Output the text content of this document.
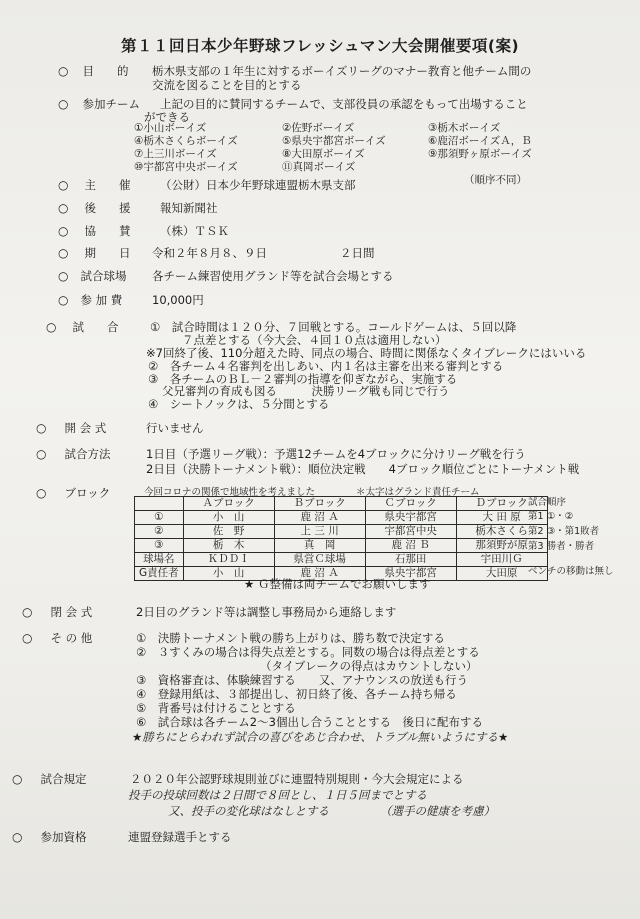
第１１回日本少年野球フレッシュマン大会開催要項(案)
○ 目　　的 栃木県支部の１年生に対するボーイズリーグのマナー教育と他チーム間の
交流を図ることを目的とする
○ 参加チーム 上記の目的に賛同するチームで、支部役員の承認をもって出場すること
ができる
①小山ボーイズ	②佐野ボーイズ	③栃木ボーイズ
④栃木さくらボーイズ	⑤県央宇都宮ボーイズ	⑥鹿沼ボーイズＡ，Ｂ
⑦上三川ボーイズ	⑧大田原ボーイズ	⑨那須野ヶ原ボーイズ
⑩宇都宮中央ボーイズ	⑪真岡ボーイズ
（順序不同）
○ 主　　催	（公財）日本少年野球連盟栃木県支部
○ 後　　援	報知新聞社
○ 協　　賛	（株）ＴＳＫ
○ 期　　日 令和２年８月８、９日	２日間
○ 試合球場 各チーム練習使用グランド等を試合会場とする
○ 参 加 費	10,000円
○ 試　　合	①　試合時間は１２０分、７回戦とする。コールドゲームは、５回以降
７点差とする（今大会、４回１０点は適用しない）
※7回終了後、110分超えた時、同点の場合、時間に関係なくタイブレークにはいいる
②　各チーム４名審判を出しあい、内１名は主審を出来る審判とする
③　各チームのＢＬ－２審判の指導を仰ぎながら、実施する
父兄審判の育成も図る　　　決勝リーグ戦も同じで行う
④　シートノックは、５分間とする
○ 開 会 式	行いません
○ 試合方法	1日目（予選リーグ戦）：予選12チームを4ブロックに分けリーグ戦を行う
2日目（決勝トーナメント戦）：順位決定戦　　4ブロック順位ごとにトーナメント戦
○ ブロック	今回コロナの関係で地域性を考えました	＊太字はグランド責任チーム
	Ａブロック	Ｂブロック	Ｃブロック	Ｄブロック
①	小　山	鹿 沼 Ａ	県央宇都宮	大 田 原
②	佐　野	上 三 川	宇都宮中央	栃木さくら
③	栃　木	真　岡	鹿 沼 Ｂ	那須野が原
球場名	ＫＤＤＩ	県営Ｃ球場	石那田	宇田川Ｇ
G責任者	小　山	鹿 沼 Ａ	県央宇都宮	大田原
試合順序
第1 ①・②
第2 ③・第1敗者
第3 勝者・勝者
ベンチの移動は無し
★ Ｇ整備は両チームでお願いします
○ 閉 会 式	2日目のグランド等は調整し事務局から連絡します
○ そ の 他	①　決勝トーナメント戦の勝ち上がりは、勝ち数で決定する
②　３すくみの場合は得失点差とする。同数の場合は得点差とする
（タイブレークの得点はカウントしない）
③　資格審査は、体験練習する　　又、アナウンスの放送も行う
④　登録用紙は、３部提出し、初日終了後、各チーム持ち帰る
⑤　背番号は付けることとする
⑥　試合球は各チーム2～3個出し合うこととする　後日に配布する
★勝ちにとらわれず試合の喜びをあじ合わせ、トラブル無いようにする★
○ 試合規定	２０２０年公認野球規則並びに連盟特別規則・今大会規定による
投手の投球回数は２日間で８回とし、１日５回までとする
又、投手の変化球はなしとする	（選手の健康を考慮）
○ 参加資格	連盟登録選手とする
